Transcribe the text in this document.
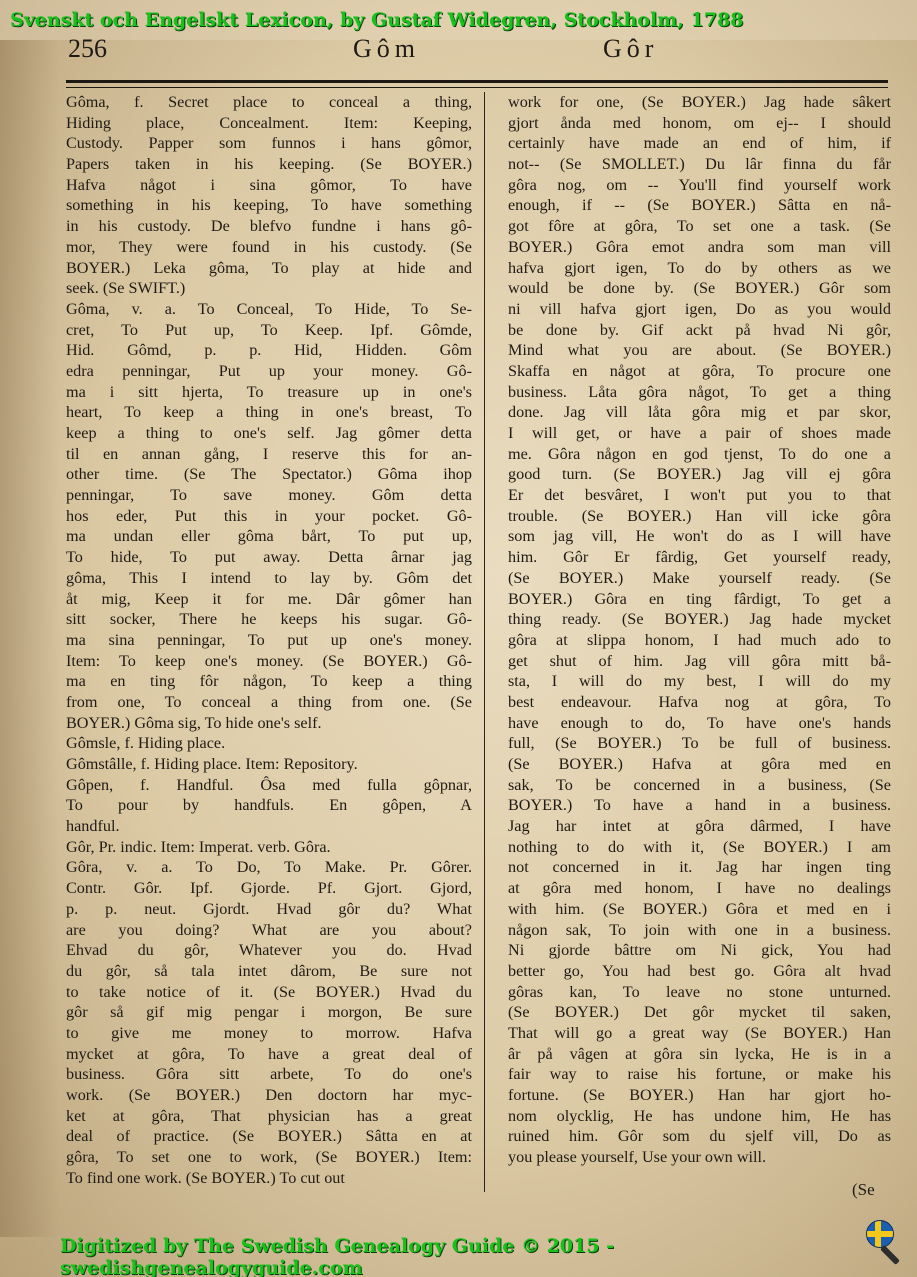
Svenskt och Engelskt Lexicon, by Gustaf Widegren, Stockholm, 1788
256	Gôm	Gôr
Gôma, f. Secret place to conceal a thing,
Hiding place, Concealment. Item: Keeping,
Custody. Papper som funnos i hans gômor,
Papers taken in his keeping. (Se BOYER.)
Hafva något i sina gômor, To have
something in his keeping, To have something
in his custody. De blefvo fundne i hans gô-
mor, They were found in his custody. (Se
BOYER.) Leka gôma, To play at hide and
seek. (Se SWIFT.)
Gôma, v. a. To Conceal, To Hide, To Se-
cret, To Put up, To Keep. Ipf. Gômde,
Hid. Gômd, p. p. Hid, Hidden. Gôm
edra penningar, Put up your money. Gô-
ma i sitt hjerta, To treasure up in one's
heart, To keep a thing in one's breast, To
keep a thing to one's self. Jag gômer detta
til en annan gång, I reserve this for an-
other time. (Se The Spectator.) Gôma ihop
penningar, To save money. Gôm detta
hos eder, Put this in your pocket. Gô-
ma undan eller gôma bårt, To put up,
To hide, To put away. Detta ârnar jag
gôma, This I intend to lay by. Gôm det
åt mig, Keep it for me. Dâr gômer han
sitt socker, There he keeps his sugar. Gô-
ma sina penningar, To put up one's money.
Item: To keep one's money. (Se BOYER.) Gô-
ma en ting fôr någon, To keep a thing
from one, To conceal a thing from one. (Se
BOYER.) Gôma sig, To hide one's self.
Gômsle, f. Hiding place.
Gômstâlle, f. Hiding place. Item: Repository.
Gôpen, f. Handful. Ôsa med fulla gôpnar,
To pour by handfuls. En gôpen, A
handful.
Gôr, Pr. indic. Item: Imperat. verb. Gôra.
Gôra, v. a. To Do, To Make. Pr. Gôrer.
Contr. Gôr. Ipf. Gjorde. Pf. Gjort. Gjord,
p. p. neut. Gjordt. Hvad gôr du? What
are you doing? What are you about?
Ehvad du gôr, Whatever you do. Hvad
du gôr, så tala intet dârom, Be sure not
to take notice of it. (Se BOYER.) Hvad du
gôr så gif mig pengar i morgon, Be sure
to give me money to morrow. Hafva
mycket at gôra, To have a great deal of
business. Gôra sitt arbete, To do one's
work. (Se BOYER.) Den doctorn har myc-
ket at gôra, That physician has a great
deal of practice. (Se BOYER.) Sâtta en at
gôra, To set one to work, (Se BOYER.) Item:
To find one work. (Se BOYER.) To cut out
work for one, (Se BOYER.) Jag hade sâkert
gjort ånda med honom, om ej-- I should
certainly have made an end of him, if
not-- (Se SMOLLET.) Du lâr finna du får
gôra nog, om -- You'll find yourself work
enough, if -- (Se BOYER.) Sâtta en nå-
got fôre at gôra, To set one a task. (Se
BOYER.) Gôra emot andra som man vill
hafva gjort igen, To do by others as we
would be done by. (Se BOYER.) Gôr som
ni vill hafva gjort igen, Do as you would
be done by. Gif ackt på hvad Ni gôr,
Mind what you are about. (Se BOYER.)
Skaffa en något at gôra, To procure one
business. Låta gôra något, To get a thing
done. Jag vill låta gôra mig et par skor,
I will get, or have a pair of shoes made
me. Gôra någon en god tjenst, To do one a
good turn. (Se BOYER.) Jag vill ej gôra
Er det besvâret, I won't put you to that
trouble. (Se BOYER.) Han vill icke gôra
som jag vill, He won't do as I will have
him. Gôr Er fârdig, Get yourself ready,
(Se BOYER.) Make yourself ready. (Se
BOYER.) Gôra en ting fârdigt, To get a
thing ready. (Se BOYER.) Jag hade mycket
gôra at slippa honom, I had much ado to
get shut of him. Jag vill gôra mitt bå-
sta, I will do my best, I will do my
best endeavour. Hafva nog at gôra, To
have enough to do, To have one's hands
full, (Se BOYER.) To be full of business.
(Se BOYER.) Hafva at gôra med en
sak, To be concerned in a business, (Se
BOYER.) To have a hand in a business.
Jag har intet at gôra dârmed, I have
nothing to do with it, (Se BOYER.) I am
not concerned in it. Jag har ingen ting
at gôra med honom, I have no dealings
with him. (Se BOYER.) Gôra et med en i
någon sak, To join with one in a business.
Ni gjorde bâttre om Ni gick, You had
better go, You had best go. Gôra alt hvad
gôras kan, To leave no stone unturned.
(Se BOYER.) Det gôr mycket til saken,
That will go a great way (Se BOYER.) Han
âr på vâgen at gôra sin lycka, He is in a
fair way to raise his fortune, or make his
fortune. (Se BOYER.) Han har gjort ho-
nom olycklig, He has undone him, He has
ruined him. Gôr som du sjelf vill, Do as
you please yourself, Use your own will.
(Se
Digitized by The Swedish Genealogy Guide © 2015 - swedishgenealogyguide.com
